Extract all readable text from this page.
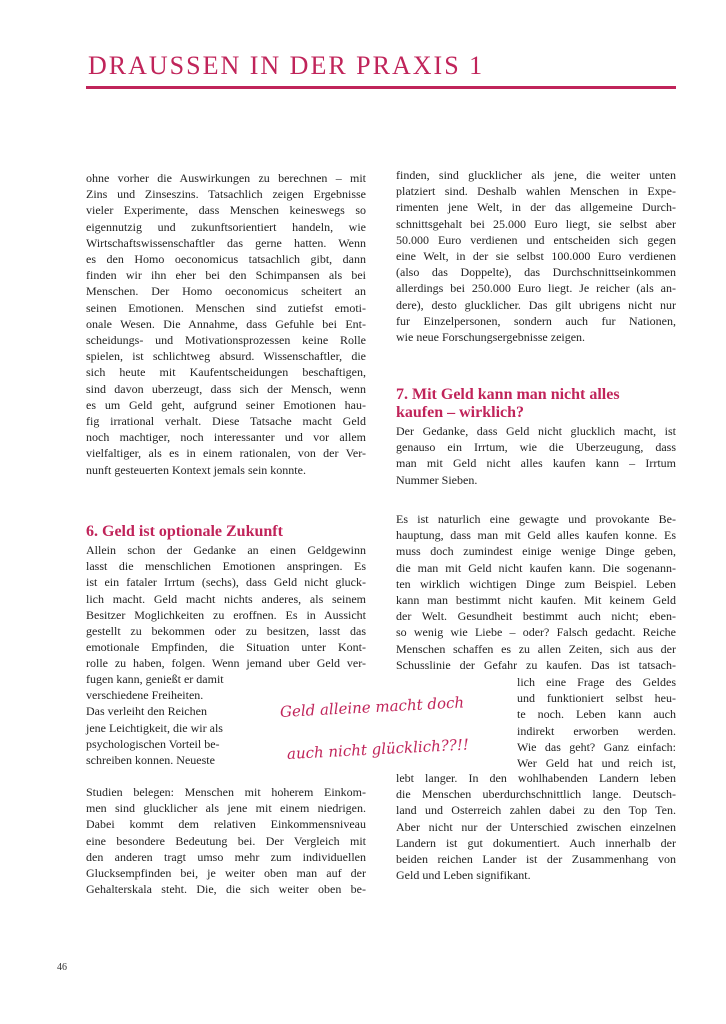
DRAUSSEN IN DER PRAXIS 1
6. Geld ist optionale Zukunft
7. Mit Geld kann man nicht alles
kaufen – wirklich?
Geld alleine macht doch
auch nicht glücklich??!!
46
ohne vorher die Auswirkungen zu berechnen – mit
Zins und Zinseszins. Tatsachlich zeigen Ergebnisse
vieler Experimente, dass Menschen keineswegs so
eigennutzig und zukunftsorientiert handeln, wie
Wirtschaftswissenschaftler das gerne hatten. Wenn
es den Homo oeconomicus tatsachlich gibt, dann
finden wir ihn eher bei den Schimpansen als bei
Menschen. Der Homo oeconomicus scheitert an
seinen Emotionen. Menschen sind zutiefst emoti-
onale Wesen. Die Annahme, dass Gefuhle bei Ent-
scheidungs- und Motivationsprozessen keine Rolle
spielen, ist schlichtweg absurd. Wissenschaftler, die
sich heute mit Kaufentscheidungen beschaftigen,
sind davon uberzeugt, dass sich der Mensch, wenn
es um Geld geht, aufgrund seiner Emotionen hau-
fig irrational verhalt. Diese Tatsache macht Geld
noch machtiger, noch interessanter und vor allem
vielfaltiger, als es in einem rationalen, von der Ver-
nunft gesteuerten Kontext jemals sein konnte.
Allein schon der Gedanke an einen Geldgewinn
lasst die menschlichen Emotionen anspringen. Es
ist ein fataler Irrtum (sechs), dass Geld nicht gluck-
lich macht. Geld macht nichts anderes, als seinem
Besitzer Moglichkeiten zu eroffnen. Es in Aussicht
gestellt zu bekommen oder zu besitzen, lasst das
emotionale Empfinden, die Situation unter Kont-
rolle zu haben, folgen. Wenn jemand uber Geld ver-
fugen kann, genießt er damit
verschiedene Freiheiten.
Das verleiht den Reichen
jene Leichtigkeit, die wir als
psychologischen Vorteil be-
schreiben konnen. Neueste
Studien belegen: Menschen mit hoherem Einkom-
men sind glucklicher als jene mit einem niedrigen.
Dabei kommt dem relativen Einkommensniveau
eine besondere Bedeutung bei. Der Vergleich mit
den anderen tragt umso mehr zum individuellen
Glucksempfinden bei, je weiter oben man auf der
Gehalterskala steht. Die, die sich weiter oben be-
finden, sind glucklicher als jene, die weiter unten
platziert sind. Deshalb wahlen Menschen in Expe-
rimenten jene Welt, in der das allgemeine Durch-
schnittsgehalt bei 25.000 Euro liegt, sie selbst aber
50.000 Euro verdienen und entscheiden sich gegen
eine Welt, in der sie selbst 100.000 Euro verdienen
(also das Doppelte), das Durchschnittseinkommen
allerdings bei 250.000 Euro liegt. Je reicher (als an-
dere), desto glucklicher. Das gilt ubrigens nicht nur
fur Einzelpersonen, sondern auch fur Nationen,
wie neue Forschungsergebnisse zeigen.
Der Gedanke, dass Geld nicht glucklich macht, ist
genauso ein Irrtum, wie die Uberzeugung, dass
man mit Geld nicht alles kaufen kann – Irrtum
Nummer Sieben.
Es ist naturlich eine gewagte und provokante Be-
hauptung, dass man mit Geld alles kaufen konne. Es
muss doch zumindest einige wenige Dinge geben,
die man mit Geld nicht kaufen kann. Die sogenann-
ten wirklich wichtigen Dinge zum Beispiel. Leben
kann man bestimmt nicht kaufen. Mit keinem Geld
der Welt. Gesundheit bestimmt auch nicht; eben-
so wenig wie Liebe – oder? Falsch gedacht. Reiche
Menschen schaffen es zu allen Zeiten, sich aus der
Schusslinie der Gefahr zu kaufen. Das ist tatsach-
lich eine Frage des Geldes
und funktioniert selbst heu-
te noch. Leben kann auch
indirekt erworben werden.
Wie das geht? Ganz einfach:
Wer Geld hat und reich ist,
lebt langer. In den wohlhabenden Landern leben
die Menschen uberdurchschnittlich lange. Deutsch-
land und Osterreich zahlen dabei zu den Top Ten.
Aber nicht nur der Unterschied zwischen einzelnen
Landern ist gut dokumentiert. Auch innerhalb der
beiden reichen Lander ist der Zusammenhang von
Geld und Leben signifikant.
